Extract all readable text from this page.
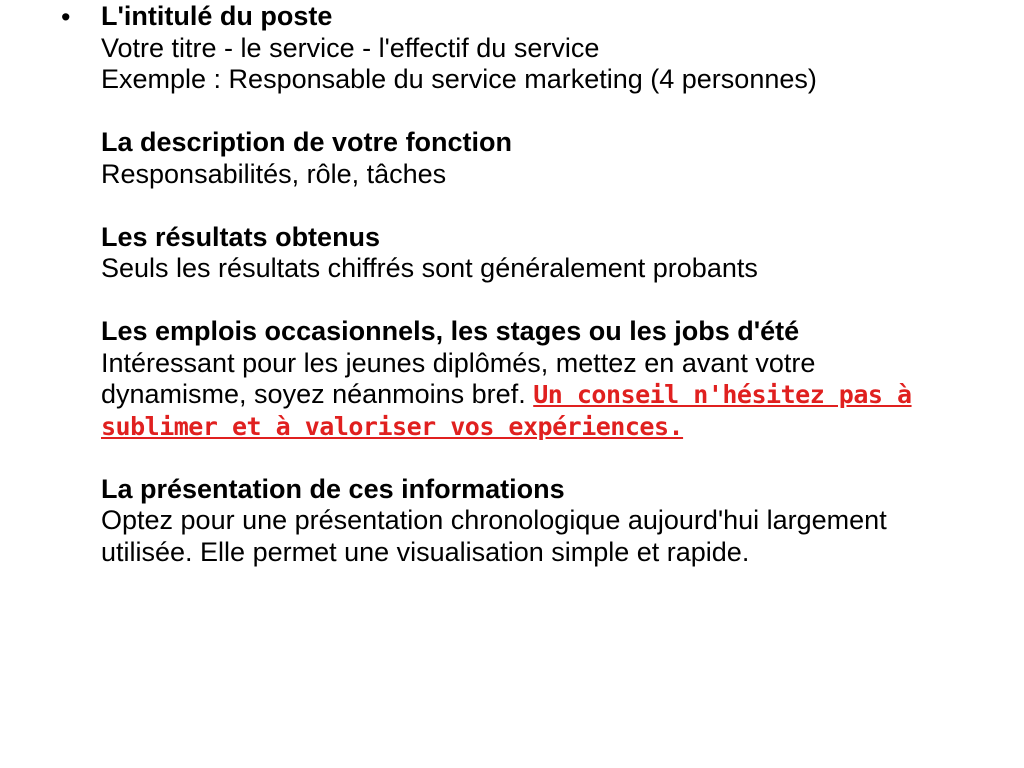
• L'intitulé du poste
Votre titre - le service - l'effectif du service
Exemple : Responsable du service marketing (4 personnes)
La description de votre fonction
Responsabilités, rôle, tâches
Les résultats obtenus
Seuls les résultats chiffrés sont généralement probants
Les emplois occasionnels, les stages ou les jobs d'été
Intéressant pour les jeunes diplômés, mettez en avant votre dynamisme, soyez néanmoins bref. Un conseil n'hésitez pas à sublimer et à valoriser vos expériences.
La présentation de ces informations
Optez pour une présentation chronologique aujourd'hui largement utilisée. Elle permet une visualisation simple et rapide.
